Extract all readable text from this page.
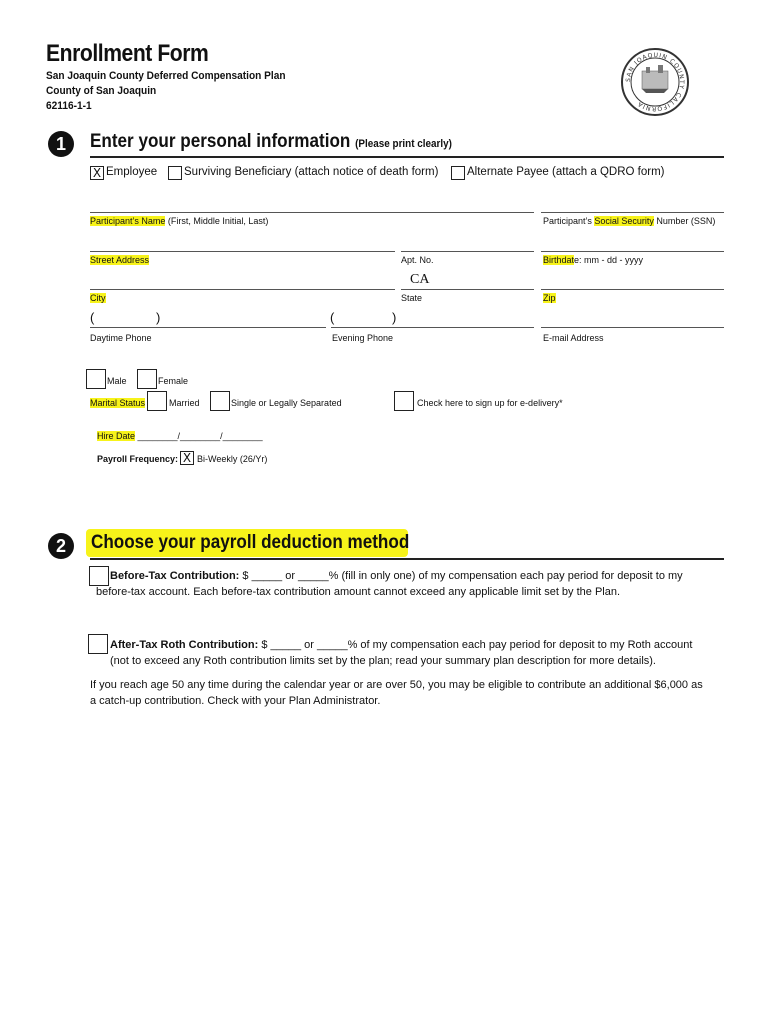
Enrollment Form
San Joaquin County Deferred Compensation Plan
County of San Joaquin
62116-1-1
SAN JOAQUIN COUNTY CALIFORNIA
1	Enter your personal information (Please print clearly)
X Employee Surviving Beneficiary (attach notice of death form) Alternate Payee (attach a QDRO form)
Participant’s Name (First, Middle Initial, Last)	Participant’s Social Security Number (SSN)
Street Address	Apt. No.	Birthdate: mm - dd - yyyy
CA
City	State	Zip
(	)	(	)
Daytime Phone	Evening Phone	E-mail Address
Male	Female
Marital Status	Married	Single or Legally Separated	Check here to sign up for e-delivery*
Hire Date ________/________/________
Payroll Frequency: X Bi-Weekly (26/Yr)
2	Choose your payroll deduction method
Before-Tax Contribution: $ _____ or _____% (fill in only one) of my compensation each pay period for deposit to my
before-tax account. Each before-tax contribution amount cannot exceed any applicable limit set by the Plan.
After-Tax Roth Contribution: $ _____ or _____% of my compensation each pay period for deposit to my Roth account
(not to exceed any Roth contribution limits set by the plan; read your summary plan description for more details).
If you reach age 50 any time during the calendar year or are over 50, you may be eligible to contribute an additional $6,000 as
a catch-up contribution. Check with your Plan Administrator.
